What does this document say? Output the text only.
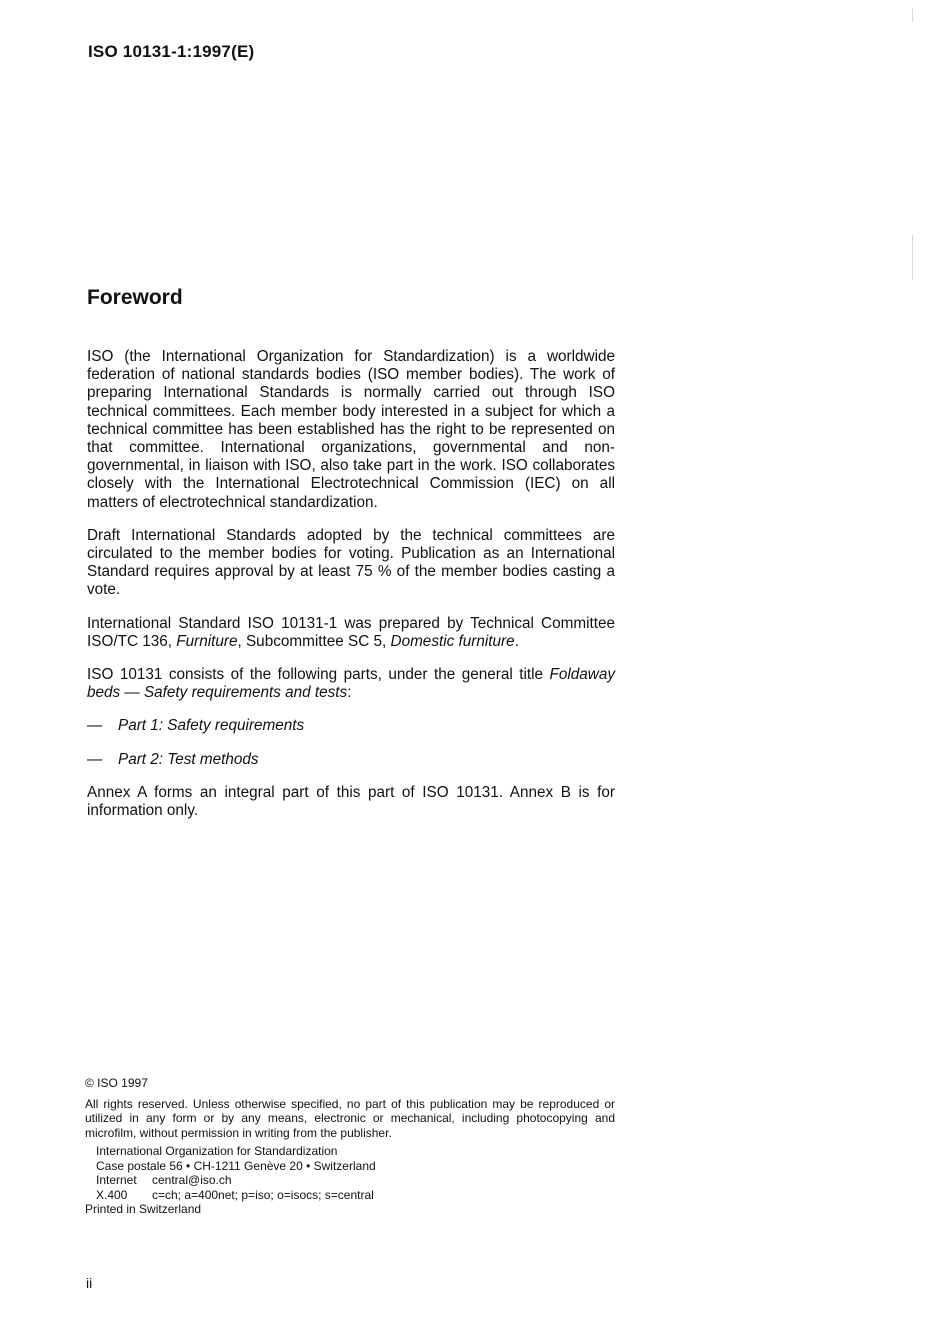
ISO 10131-1:1997(E)
Foreword

ISO (the International Organization for Standardization) is a worldwide federation of national standards bodies (ISO member bodies). The work of preparing International Standards is normally carried out through ISO technical committees. Each member body interested in a subject for which a technical committee has been established has the right to be represented on that committee. International organizations, governmental and non-governmental, in liaison with ISO, also take part in the work. ISO collaborates closely with the International Electrotechnical Commission (IEC) on all matters of electrotechnical standardization.

Draft International Standards adopted by the technical committees are circulated to the member bodies for voting. Publication as an International Standard requires approval by at least 75 % of the member bodies casting a vote.

International Standard ISO 10131-1 was prepared by Technical Committee ISO/TC 136, Furniture, Subcommittee SC 5, Domestic furniture.

ISO 10131 consists of the following parts, under the general title Foldaway beds — Safety requirements and tests:

—	Part 1: Safety requirements
—	Part 2: Test methods

Annex A forms an integral part of this part of ISO 10131. Annex B is for information only.

© ISO 1997

All rights reserved. Unless otherwise specified, no part of this publication may be reproduced or utilized in any form or by any means, electronic or mechanical, including photocopying and microfilm, without permission in writing from the publisher.

International Organization for Standardization
Case postale 56 • CH-1211 Genève 20 • Switzerland
Internet central@iso.ch
X.400 c=ch; a=400net; p=iso; o=isocs; s=central
Printed in Switzerland
ii
